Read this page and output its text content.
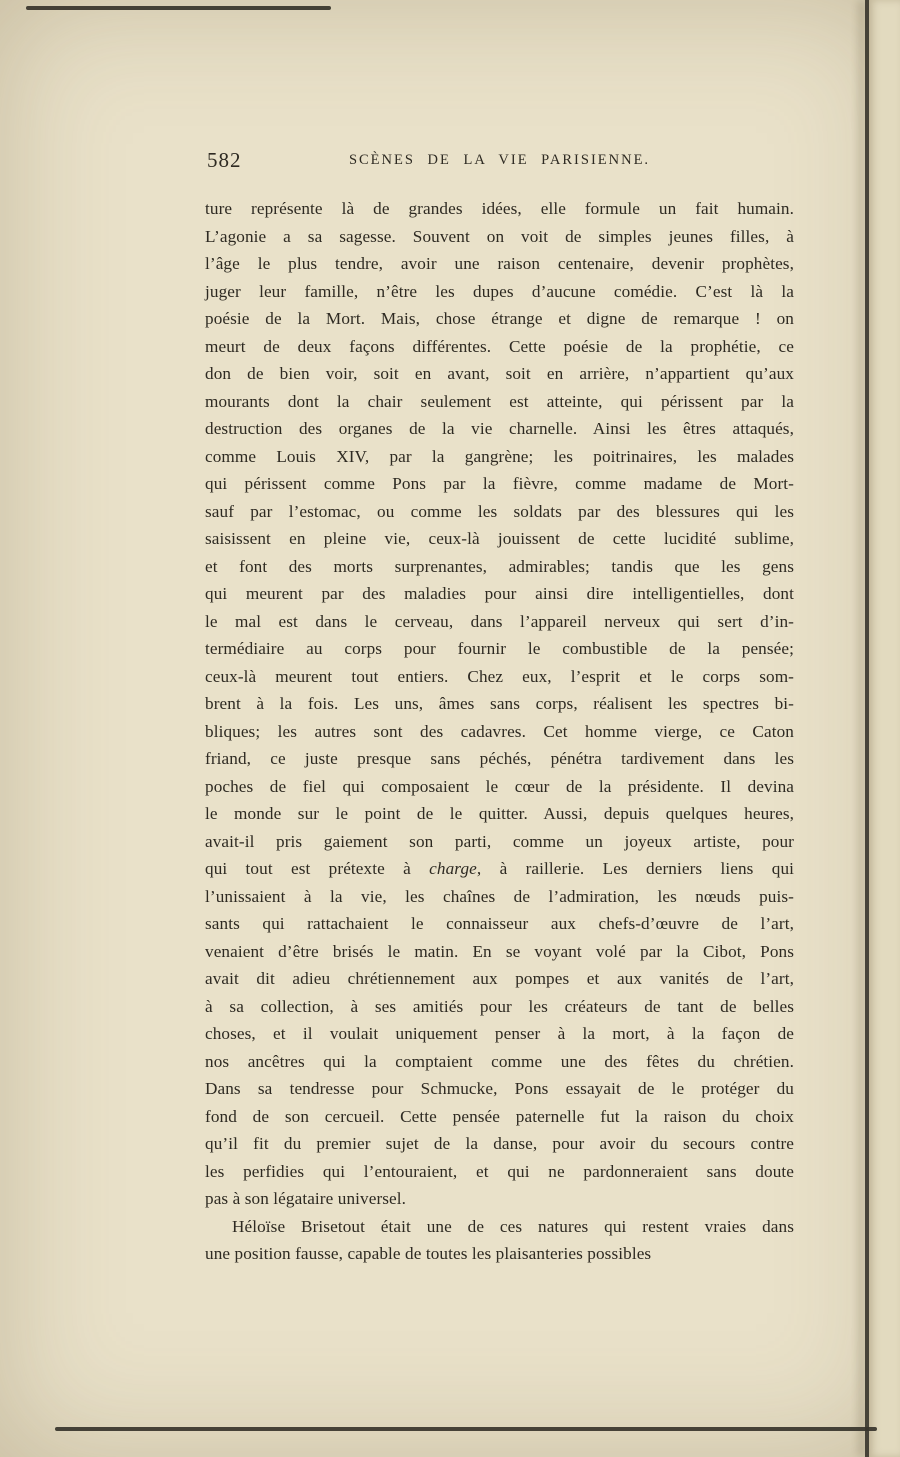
582	SCÈNES DE LA VIE PARISIENNE.
ture représente là de grandes idées, elle formule un fait humain.
L’agonie a sa sagesse. Souvent on voit de simples jeunes filles, à
l’âge le plus tendre, avoir une raison centenaire, devenir prophètes,
juger leur famille, n’être les dupes d’aucune comédie. C’est là la
poésie de la Mort. Mais, chose étrange et digne de remarque ! on
meurt de deux façons différentes. Cette poésie de la prophétie, ce
don de bien voir, soit en avant, soit en arrière, n’appartient qu’aux
mourants dont la chair seulement est atteinte, qui périssent par la
destruction des organes de la vie charnelle. Ainsi les êtres attaqués,
comme Louis XIV, par la gangrène; les poitrinaires, les malades
qui périssent comme Pons par la fièvre, comme madame de Mort-
sauf par l’estomac, ou comme les soldats par des blessures qui les
saisissent en pleine vie, ceux-là jouissent de cette lucidité sublime,
et font des morts surprenantes, admirables; tandis que les gens
qui meurent par des maladies pour ainsi dire intelligentielles, dont
le mal est dans le cerveau, dans l’appareil nerveux qui sert d’in-
termédiaire au corps pour fournir le combustible de la pensée;
ceux-là meurent tout entiers. Chez eux, l’esprit et le corps som-
brent à la fois. Les uns, âmes sans corps, réalisent les spectres bi-
bliques; les autres sont des cadavres. Cet homme vierge, ce Caton
friand, ce juste presque sans péchés, pénétra tardivement dans les
poches de fiel qui composaient le cœur de la présidente. Il devina
le monde sur le point de le quitter. Aussi, depuis quelques heures,
avait-il pris gaiement son parti, comme un joyeux artiste, pour
qui tout est prétexte à charge, à raillerie. Les derniers liens qui
l’unissaient à la vie, les chaînes de l’admiration, les nœuds puis-
sants qui rattachaient le connaisseur aux chefs-d’œuvre de l’art,
venaient d’être brisés le matin. En se voyant volé par la Cibot, Pons
avait dit adieu chrétiennement aux pompes et aux vanités de l’art,
à sa collection, à ses amitiés pour les créateurs de tant de belles
choses, et il voulait uniquement penser à la mort, à la façon de
nos ancêtres qui la comptaient comme une des fêtes du chrétien.
Dans sa tendresse pour Schmucke, Pons essayait de le protéger du
fond de son cercueil. Cette pensée paternelle fut la raison du choix
qu’il fit du premier sujet de la danse, pour avoir du secours contre
les perfidies qui l’entouraient, et qui ne pardonneraient sans doute
pas à son légataire universel.
Héloïse Brisetout était une de ces natures qui restent vraies dans
une position fausse, capable de toutes les plaisanteries possibles
